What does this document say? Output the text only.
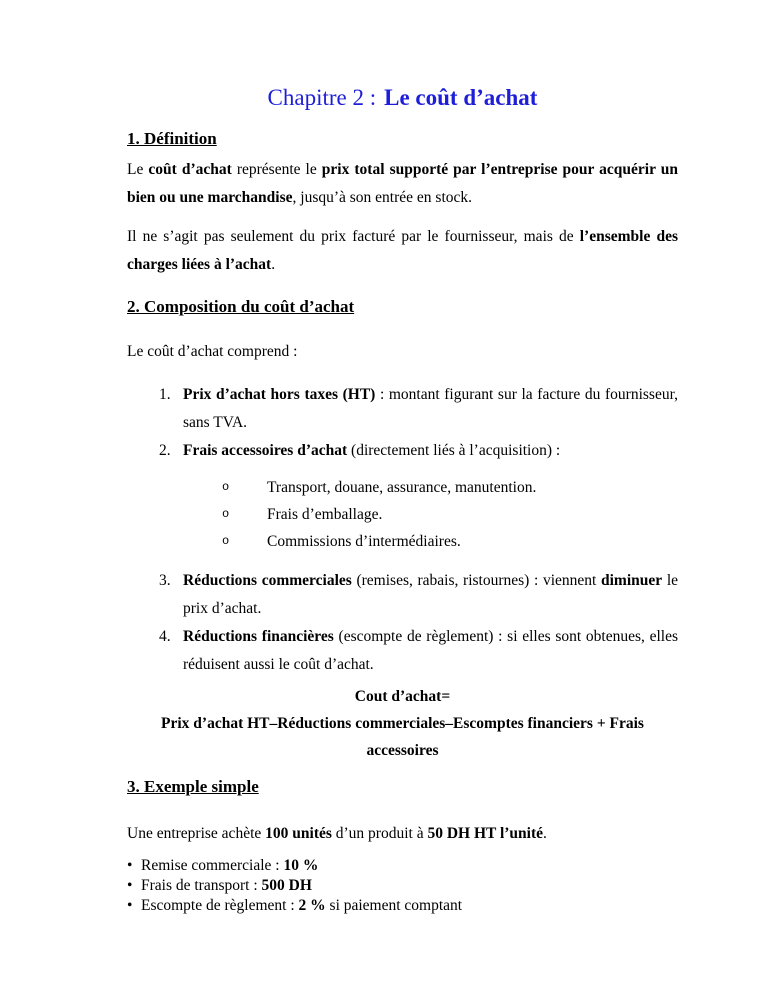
Chapitre 2 : Le coût d’achat
1. Définition
Le coût d’achat représente le prix total supporté par l’entreprise pour acquérir un bien ou une marchandise, jusqu’à son entrée en stock.
Il ne s’agit pas seulement du prix facturé par le fournisseur, mais de l’ensemble des charges liées à l’achat.
2. Composition du coût d’achat
Le coût d’achat comprend :
1. Prix d’achat hors taxes (HT) : montant figurant sur la facture du fournisseur, sans TVA.
2. Frais accessoires d’achat (directement liés à l’acquisition) :
o	Transport, douane, assurance, manutention.
o	Frais d’emballage.
o	Commissions d’intermédiaires.
3. Réductions commerciales (remises, rabais, ristournes) : viennent diminuer le prix d’achat.
4. Réductions financières (escompte de règlement) : si elles sont obtenues, elles réduisent aussi le coût d’achat.
Cout d’achat=
Prix d’achat HT–Réductions commerciales–Escomptes financiers + Frais
accessoires
3. Exemple simple
Une entreprise achète 100 unités d’un produit à 50 DH HT l’unité.
• Remise commerciale : 10 %
• Frais de transport : 500 DH
• Escompte de règlement : 2 % si paiement comptant
